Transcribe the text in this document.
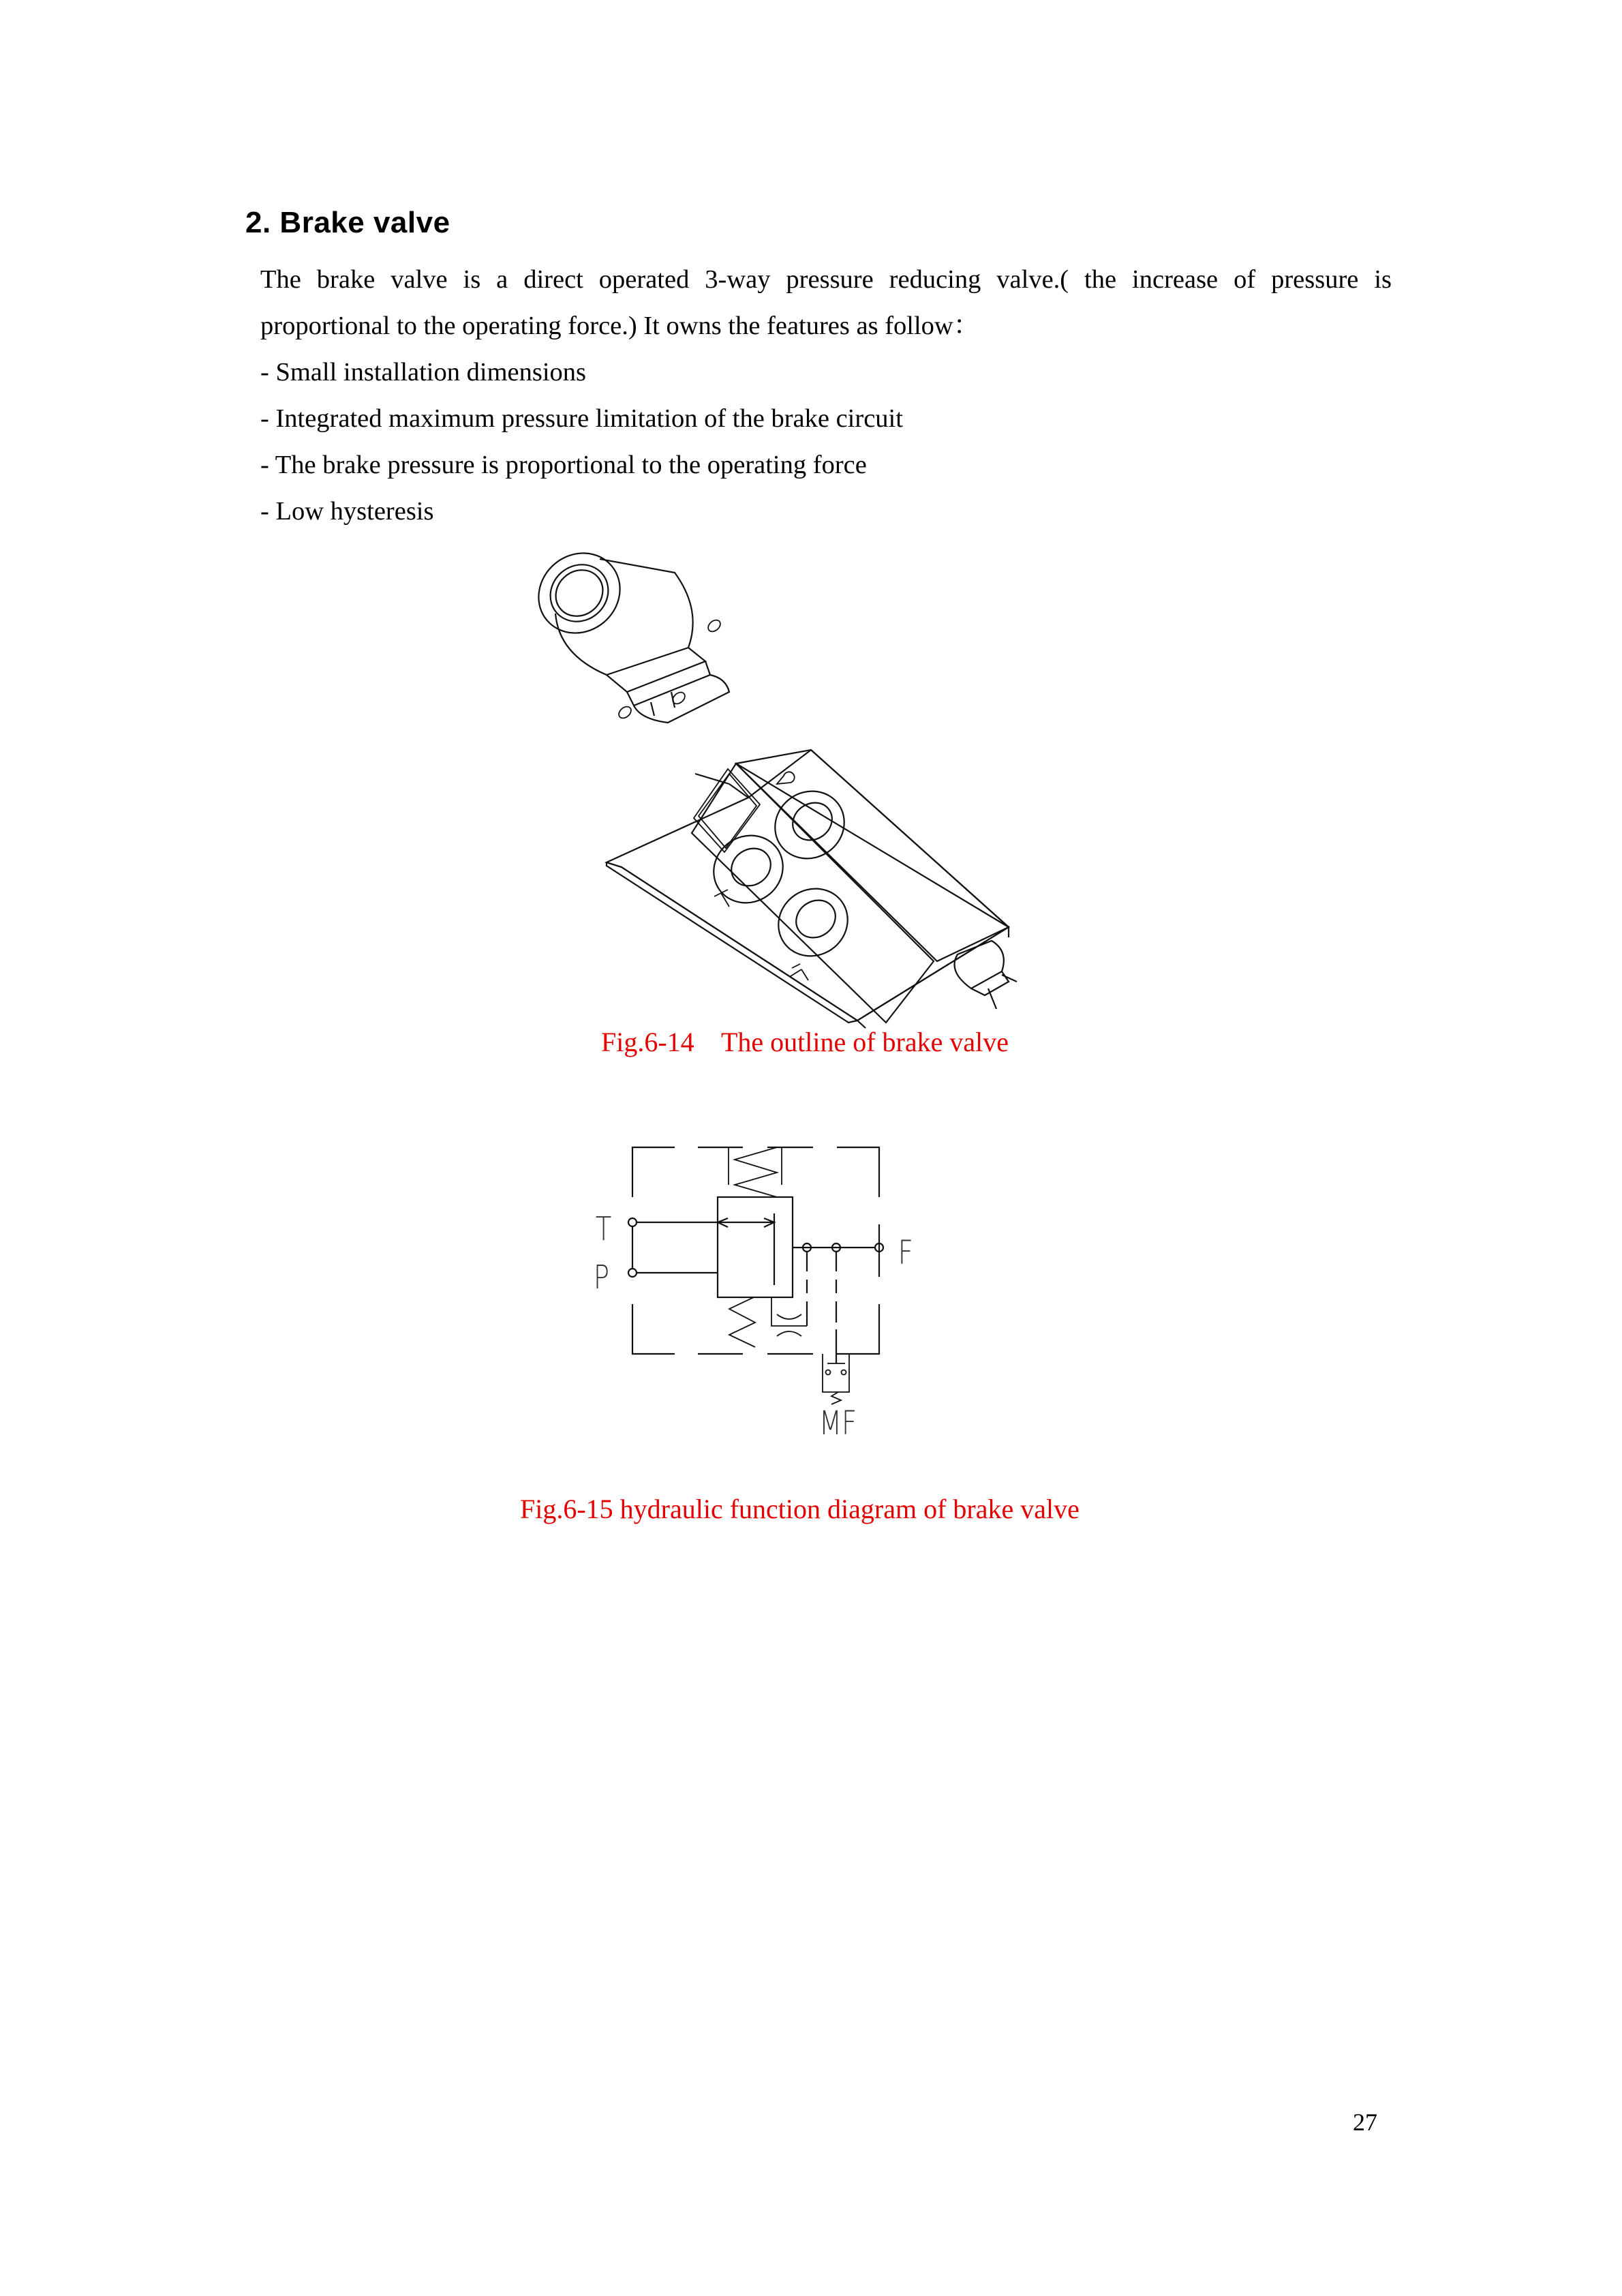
2. Brake valve
The brake valve is a direct operated 3-way pressure reducing valve.( the increase of pressure is
proportional to the operating force.) It owns the features as follow：
- Small installation dimensions
- Integrated maximum pressure limitation of the brake circuit
- The brake pressure is proportional to the operating force
- Low hysteresis
Fig.6-14    The outline of brake valve
T
P
F
MF
Fig.6-15 hydraulic function diagram of brake valve
27
